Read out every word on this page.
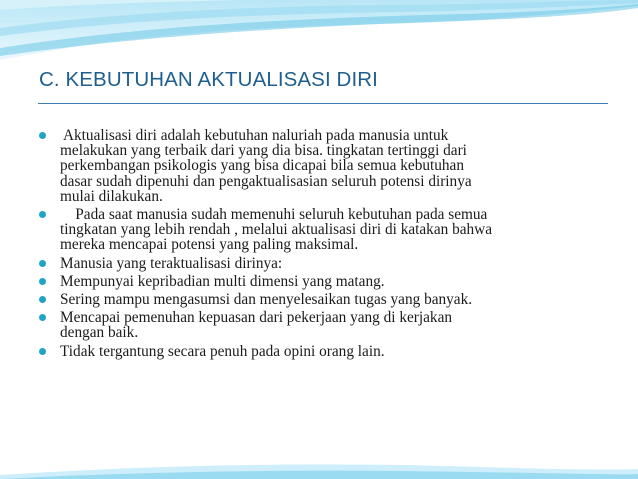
C. KEBUTUHAN AKTUALISASI DIRI
Aktualisasi diri adalah kebutuhan naluriah pada manusia untuk
melakukan yang terbaik dari yang dia bisa. tingkatan tertinggi dari
perkembangan psikologis yang bisa dicapai bila semua kebutuhan
dasar sudah dipenuhi dan pengaktualisasian seluruh potensi dirinya
mulai dilakukan.
Pada saat manusia sudah memenuhi seluruh kebutuhan pada semua
tingkatan yang lebih rendah , melalui aktualisasi diri di katakan bahwa
mereka mencapai potensi yang paling maksimal.
Manusia yang teraktualisasi dirinya:
Mempunyai kepribadian multi dimensi yang matang.
Sering mampu mengasumsi dan menyelesaikan tugas yang banyak.
Mencapai pemenuhan kepuasan dari pekerjaan yang di kerjakan
dengan baik.
Tidak tergantung secara penuh pada opini orang lain.
